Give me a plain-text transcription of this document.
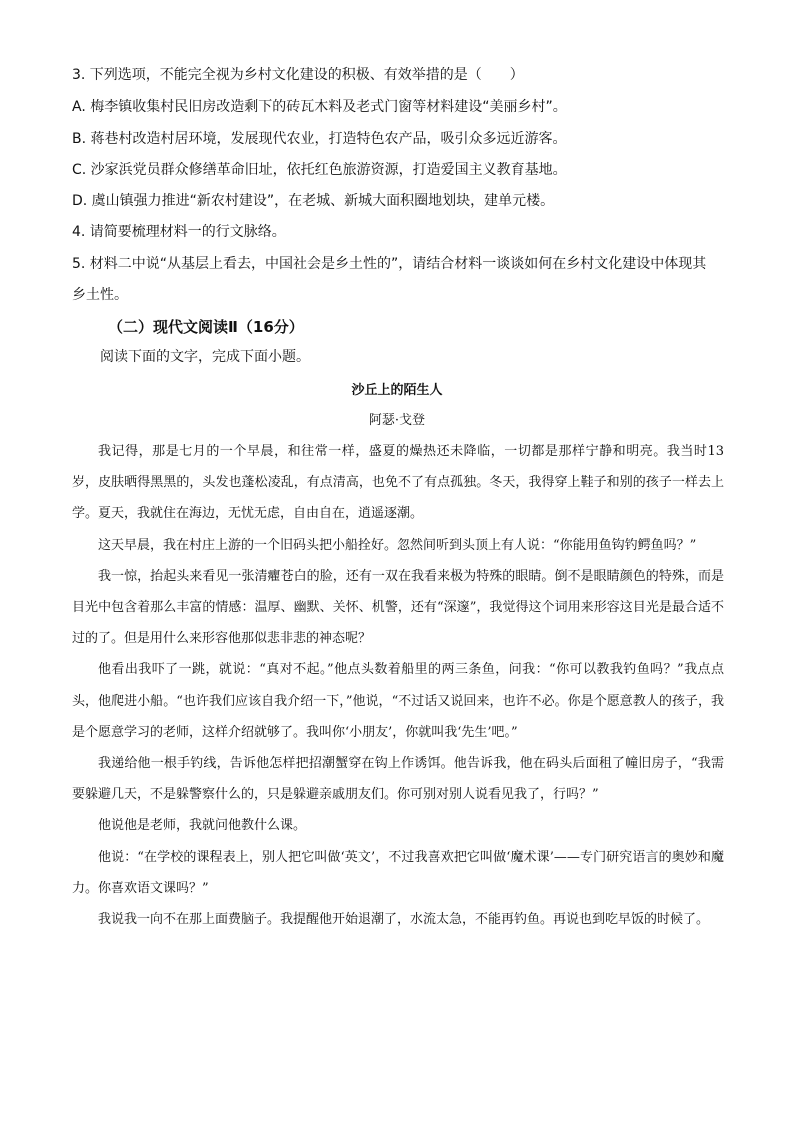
3. 下列选项，不能完全视为乡村文化建设的积极、有效举措的是（　　）
A. 梅李镇收集村民旧房改造剩下的砖瓦木料及老式门窗等材料建设“美丽乡村”。
B. 蒋巷村改造村居环境，发展现代农业，打造特色农产品，吸引众多远近游客。
C. 沙家浜党员群众修缮革命旧址，依托红色旅游资源，打造爱国主义教育基地。
D. 虞山镇强力推进“新农村建设”，在老城、新城大面积圈地划块，建单元楼。
4. 请简要梳理材料一的行文脉络。
5. 材料二中说“从基层上看去，中国社会是乡土性的”，请结合材料一谈谈如何在乡村文化建设中体现其
乡土性。
（二）现代文阅读Ⅱ（16分）
阅读下面的文字，完成下面小题。
沙丘上的陌生人
阿瑟·戈登

我记得，那是七月的一个早晨，和往常一样，盛夏的燥热还未降临，一切都是那样宁静和明亮。我当时13岁，皮肤晒得黑黑的，头发也蓬松凌乱，有点清高，也免不了有点孤独。冬天，我得穿上鞋子和别的孩子一样去上学。夏天，我就住在海边，无忧无虑，自由自在，逍遥逐潮。

这天早晨，我在村庄上游的一个旧码头把小船拴好。忽然间听到头顶上有人说：“你能用鱼钩钓鳄鱼吗？”

我一惊，抬起头来看见一张清癯苍白的脸，还有一双在我看来极为特殊的眼睛。倒不是眼睛颜色的特殊，而是目光中包含着那么丰富的情感：温厚、幽默、关怀、机警，还有“深邃”，我觉得这个词用来形容这目光是最合适不过的了。但是用什么来形容他那似悲非悲的神态呢？

他看出我吓了一跳，就说：“真对不起。”他点头数着船里的两三条鱼，问我：“你可以教我钓鱼吗？”我点点头，他爬进小船。“也许我们应该自我介绍一下，”他说，“不过话又说回来，也许不必。你是个愿意教人的孩子，我是个愿意学习的老师，这样介绍就够了。我叫你‘小朋友’，你就叫我‘先生’吧。”

我递给他一根手钓线，告诉他怎样把招潮蟹穿在钩上作诱饵。他告诉我，他在码头后面租了幢旧房子，“我需要躲避几天，不是躲警察什么的，只是躲避亲戚朋友们。你可别对别人说看见我了，行吗？”

他说他是老师，我就问他教什么课。

他说：“在学校的课程表上，别人把它叫做‘英文’，不过我喜欢把它叫做‘魔术课’——专门研究语言的奥妙和魔力。你喜欢语文课吗？”

我说我一向不在那上面费脑子。我提醒他开始退潮了，水流太急，不能再钓鱼。再说也到吃早饭的时候了。
